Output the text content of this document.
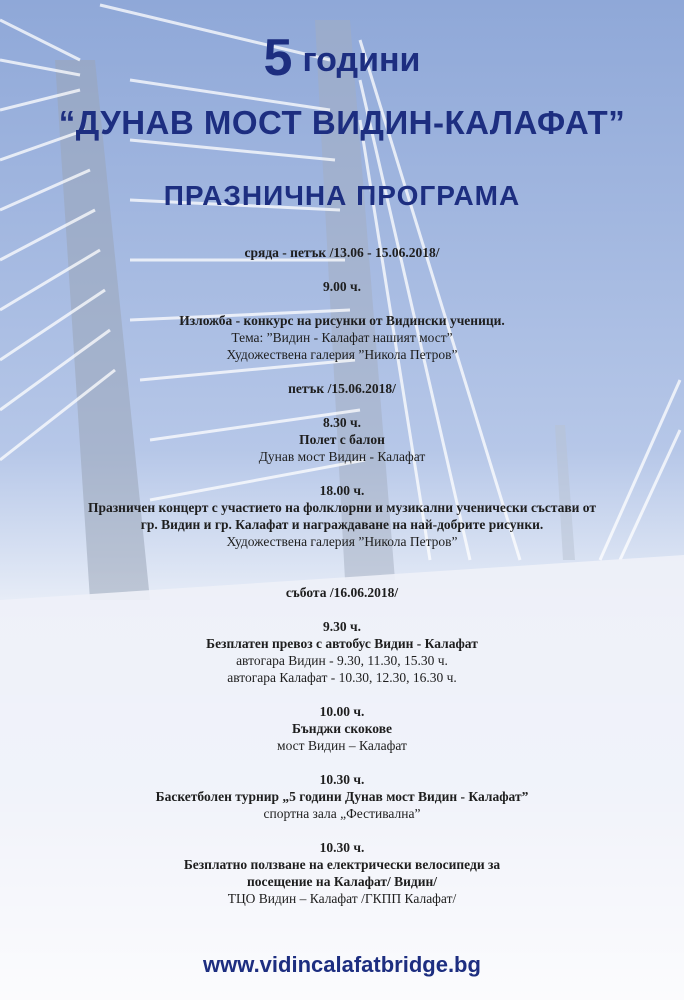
5 години
“ДУНАВ МОСТ ВИДИН-КАЛАФАТ”
ПРАЗНИЧНА ПРОГРАМА

сряда - петък /13.06 - 15.06.2018/

9.00 ч.

Изложба - конкурс на рисунки от Видински ученици.

Тема: ”Видин - Калафат нашият мост”

Художествена галерия ”Никола Петров”

петък /15.06.2018/

8.30 ч.

Полет с балон

Дунав мост Видин - Калафат

18.00 ч.

Празничен концерт с участието на фолклорни и музикални ученически състави от

гр. Видин и гр. Калафат и награждаване на най-добрите рисунки.

Художествена галерия ”Никола Петров”

събота /16.06.2018/

9.30 ч.

Безплатен превоз с автобус Видин - Калафат

автогара Видин - 9.30, 11.30, 15.30 ч.

автогара Калафат - 10.30, 12.30, 16.30 ч.

10.00 ч.

Бънджи скокове

мост Видин – Калафат

10.30 ч.

Баскетболен турнир „5 години Дунав мост Видин - Калафат”

спортна зала „Фестивална”

10.30 ч.

Безплатно ползване на електрически велосипеди за

посещение на Калафат/ Видин/

ТЦО Видин – Калафат /ГКПП Калафат/

www.vidincalafatbridge.bg
